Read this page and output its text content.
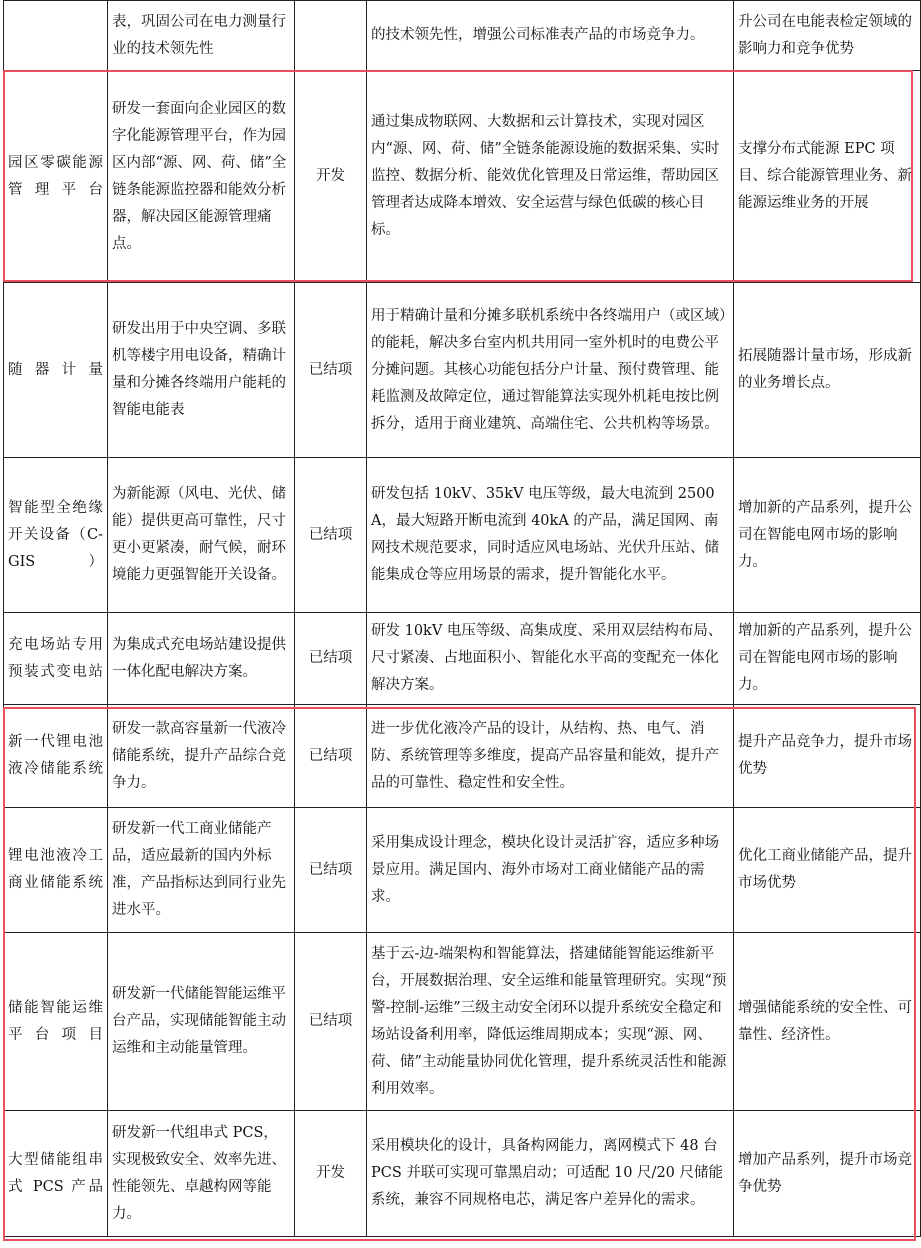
	表，巩固公司在电力测量行业的技术领先性		的技术领先性，增强公司标准表产品的市场竞争力。	升公司在电能表检定领域的影响力和竞争优势
园区零碳能源管理平台	研发一套面向企业园区的数字化能源管理平台，作为园区内部“源、网、荷、储”全链条能源监控器和能效分析器，解决园区能源管理痛点。	开发	通过集成物联网、大数据和云计算技术，实现对园区内“源、网、荷、储”全链条能源设施的数据采集、实时监控、数据分析、能效优化管理及日常运维，帮助园区管理者达成降本增效、安全运营与绿色低碳的核心目标。	支撑分布式能源 EPC 项目、综合能源管理业务、新能源运维业务的开展
随器计量	研发出用于中央空调、多联机等楼宇用电设备，精确计量和分摊各终端用户能耗的智能电能表	已结项	用于精确计量和分摊多联机系统中各终端用户（或区域）的能耗，解决多台室内机共用同一室外机时的电费公平分摊问题。其核心功能包括分户计量、预付费管理、能耗监测及故障定位，通过智能算法实现外机耗电按比例拆分，适用于商业建筑、高端住宅、公共机构等场景。	拓展随器计量市场，形成新的业务增长点。
智能型全绝缘开关设备（C-GIS）	为新能源（风电、光伏、储能）提供更高可靠性，尺寸更小更紧凑，耐气候，耐环境能力更强智能开关设备。	已结项	研发包括 10kV、35kV 电压等级，最大电流到 2500A，最大短路开断电流到 40kA 的产品，满足国网、南网技术规范要求，同时适应风电场站、光伏升压站、储能集成仓等应用场景的需求，提升智能化水平。	增加新的产品系列，提升公司在智能电网市场的影响力。
充电场站专用预装式变电站	为集成式充电场站建设提供一体化配电解决方案。	已结项	研发 10kV 电压等级、高集成度、采用双层结构布局、尺寸紧凑、占地面积小、智能化水平高的变配充一体化解决方案。	增加新的产品系列，提升公司在智能电网市场的影响力。
新一代锂电池液冷储能系统	研发一款高容量新一代液冷储能系统，提升产品综合竞争力。	已结项	进一步优化液冷产品的设计，从结构、热、电气、消防、系统管理等多维度，提高产品容量和能效，提升产品的可靠性、稳定性和安全性。	提升产品竞争力，提升市场优势
锂电池液冷工商业储能系统	研发新一代工商业储能产品，适应最新的国内外标准，产品指标达到同行业先进水平。	已结项	采用集成设计理念，模块化设计灵活扩容，适应多种场景应用。满足国内、海外市场对工商业储能产品的需求。	优化工商业储能产品，提升市场优势
储能智能运维平台项目	研发新一代储能智能运维平台产品，实现储能智能主动运维和主动能量管理。	已结项	基于云-边-端架构和智能算法，搭建储能智能运维新平台，开展数据治理、安全运维和能量管理研究。实现“预警-控制-运维”三级主动安全闭环以提升系统安全稳定和场站设备利用率，降低运维周期成本；实现“源、网、荷、储”主动能量协同优化管理，提升系统灵活性和能源利用效率。	增强储能系统的安全性、可靠性、经济性。
大型储能组串式 PCS 产品	研发新一代组串式 PCS，实现极致安全、效率先进、性能领先、卓越构网等能力。	开发	采用模块化的设计，具备构网能力，离网模式下 48 台 PCS 并联可实现可靠黑启动；可适配 10 尺/20 尺储能系统，兼容不同规格电芯，满足客户差异化的需求。	增加产品系列，提升市场竞争优势
